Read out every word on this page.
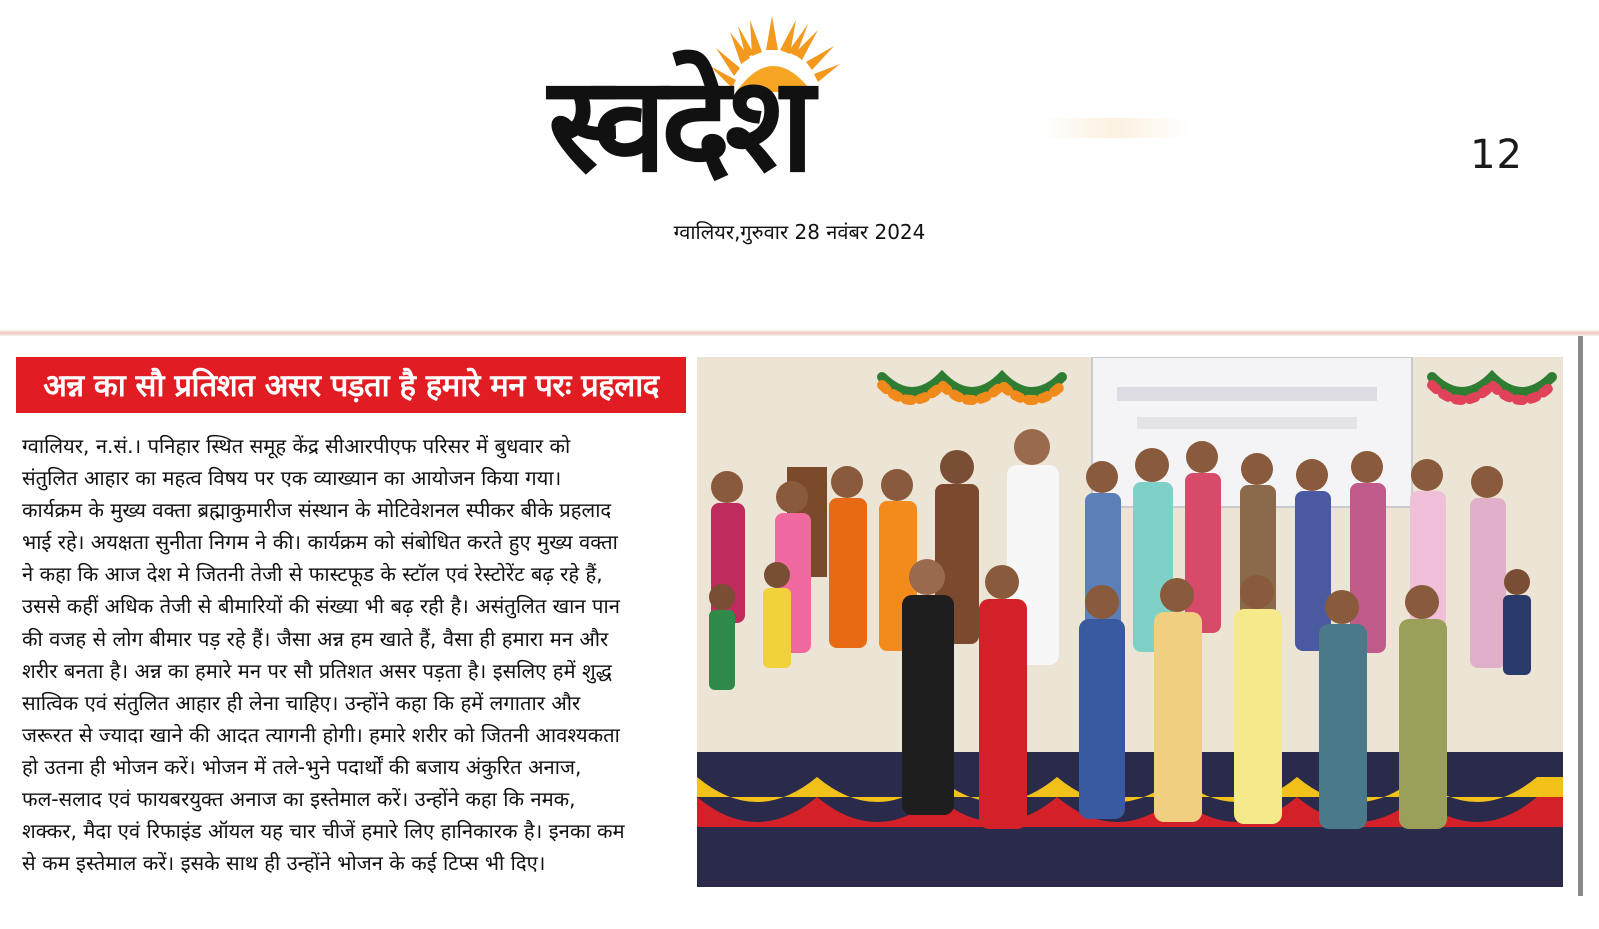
स्वदेश	12
ग्वालियर,गुरुवार 28 नवंबर 2024
अन्न का सौ प्रतिशत असर पड़ता है हमारे मन परः प्रहलाद
ग्वालियर, न.सं.। पनिहार स्थित समूह केंद्र सीआरपीएफ परिसर में बुधवार को
संतुलित आहार का महत्व विषय पर एक व्याख्यान का आयोजन किया गया।
कार्यक्रम के मुख्य वक्ता ब्रह्माकुमारीज संस्थान के मोटिवेशनल स्पीकर बीके प्रहलाद
भाई रहे। अयक्षता सुनीता निगम ने की। कार्यक्रम को संबोधित करते हुए मुख्य वक्ता
ने कहा कि आज देश मे जितनी तेजी से फास्टफूड के स्टॉल एवं रेस्टोरेंट बढ़ रहे हैं,
उससे कहीं अधिक तेजी से बीमारियों की संख्या भी बढ़ रही है। असंतुलित खान पान
की वजह से लोग बीमार पड़ रहे हैं। जैसा अन्न हम खाते हैं, वैसा ही हमारा मन और
शरीर बनता है। अन्न का हमारे मन पर सौ प्रतिशत असर पड़ता है। इसलिए हमें शुद्ध
सात्विक एवं संतुलित आहार ही लेना चाहिए। उन्होंने कहा कि हमें लगातार और
जरूरत से ज्यादा खाने की आदत त्यागनी होगी। हमारे शरीर को जितनी आवश्यकता
हो उतना ही भोजन करें। भोजन में तले-भुने पदार्थों की बजाय अंकुरित अनाज,
फल-सलाद एवं फायबरयुक्त अनाज का इस्तेमाल करें। उन्होंने कहा कि नमक,
शक्कर, मैदा एवं रिफाइंड ऑयल यह चार चीजें हमारे लिए हानिकारक है। इनका कम
से कम इस्तेमाल करें। इसके साथ ही उन्होंने भोजन के कई टिप्स भी दिए।
